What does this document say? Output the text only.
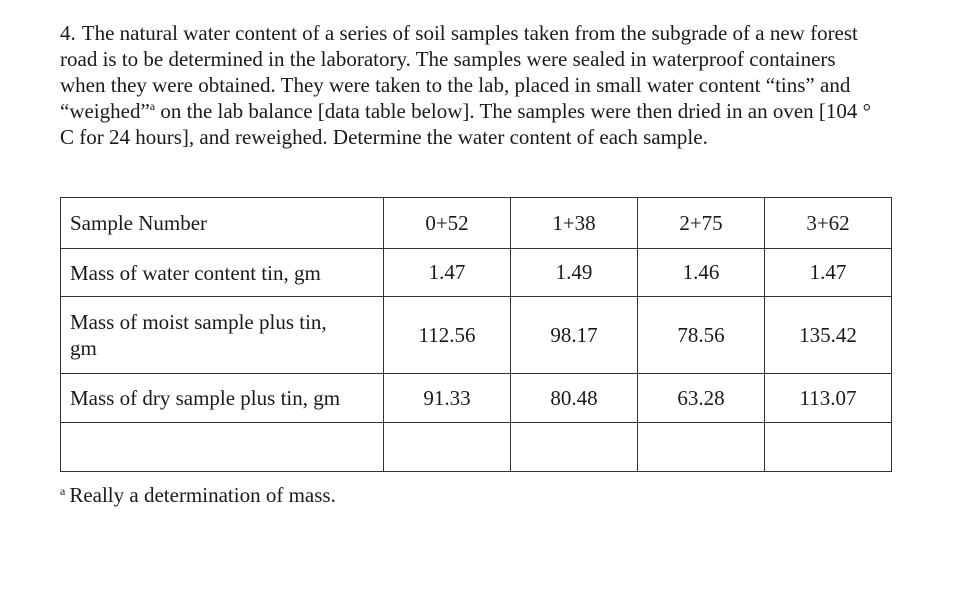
4. The natural water content of a series of soil samples taken from the subgrade of a new forest
road is to be determined in the laboratory. The samples were sealed in waterproof containers
when they were obtained. They were taken to the lab, placed in small water content “tins” and
“weighed”$^a$ on the lab balance [data table below]. The samples were then dried in an oven [104 °
C for 24 hours], and reweighed. Determine the water content of each sample.
Sample Number	0+52	1+38	2+75	3+62
Mass of water content tin, gm	1.47	1.49	1.46	1.47

Mass of moist sample plus tin,
gm	112.56	98.17	78.56	135.42
Mass of dry sample plus tin, gm	91.33	80.48	63.28	113.07

$^a$ Really a determination of mass.
